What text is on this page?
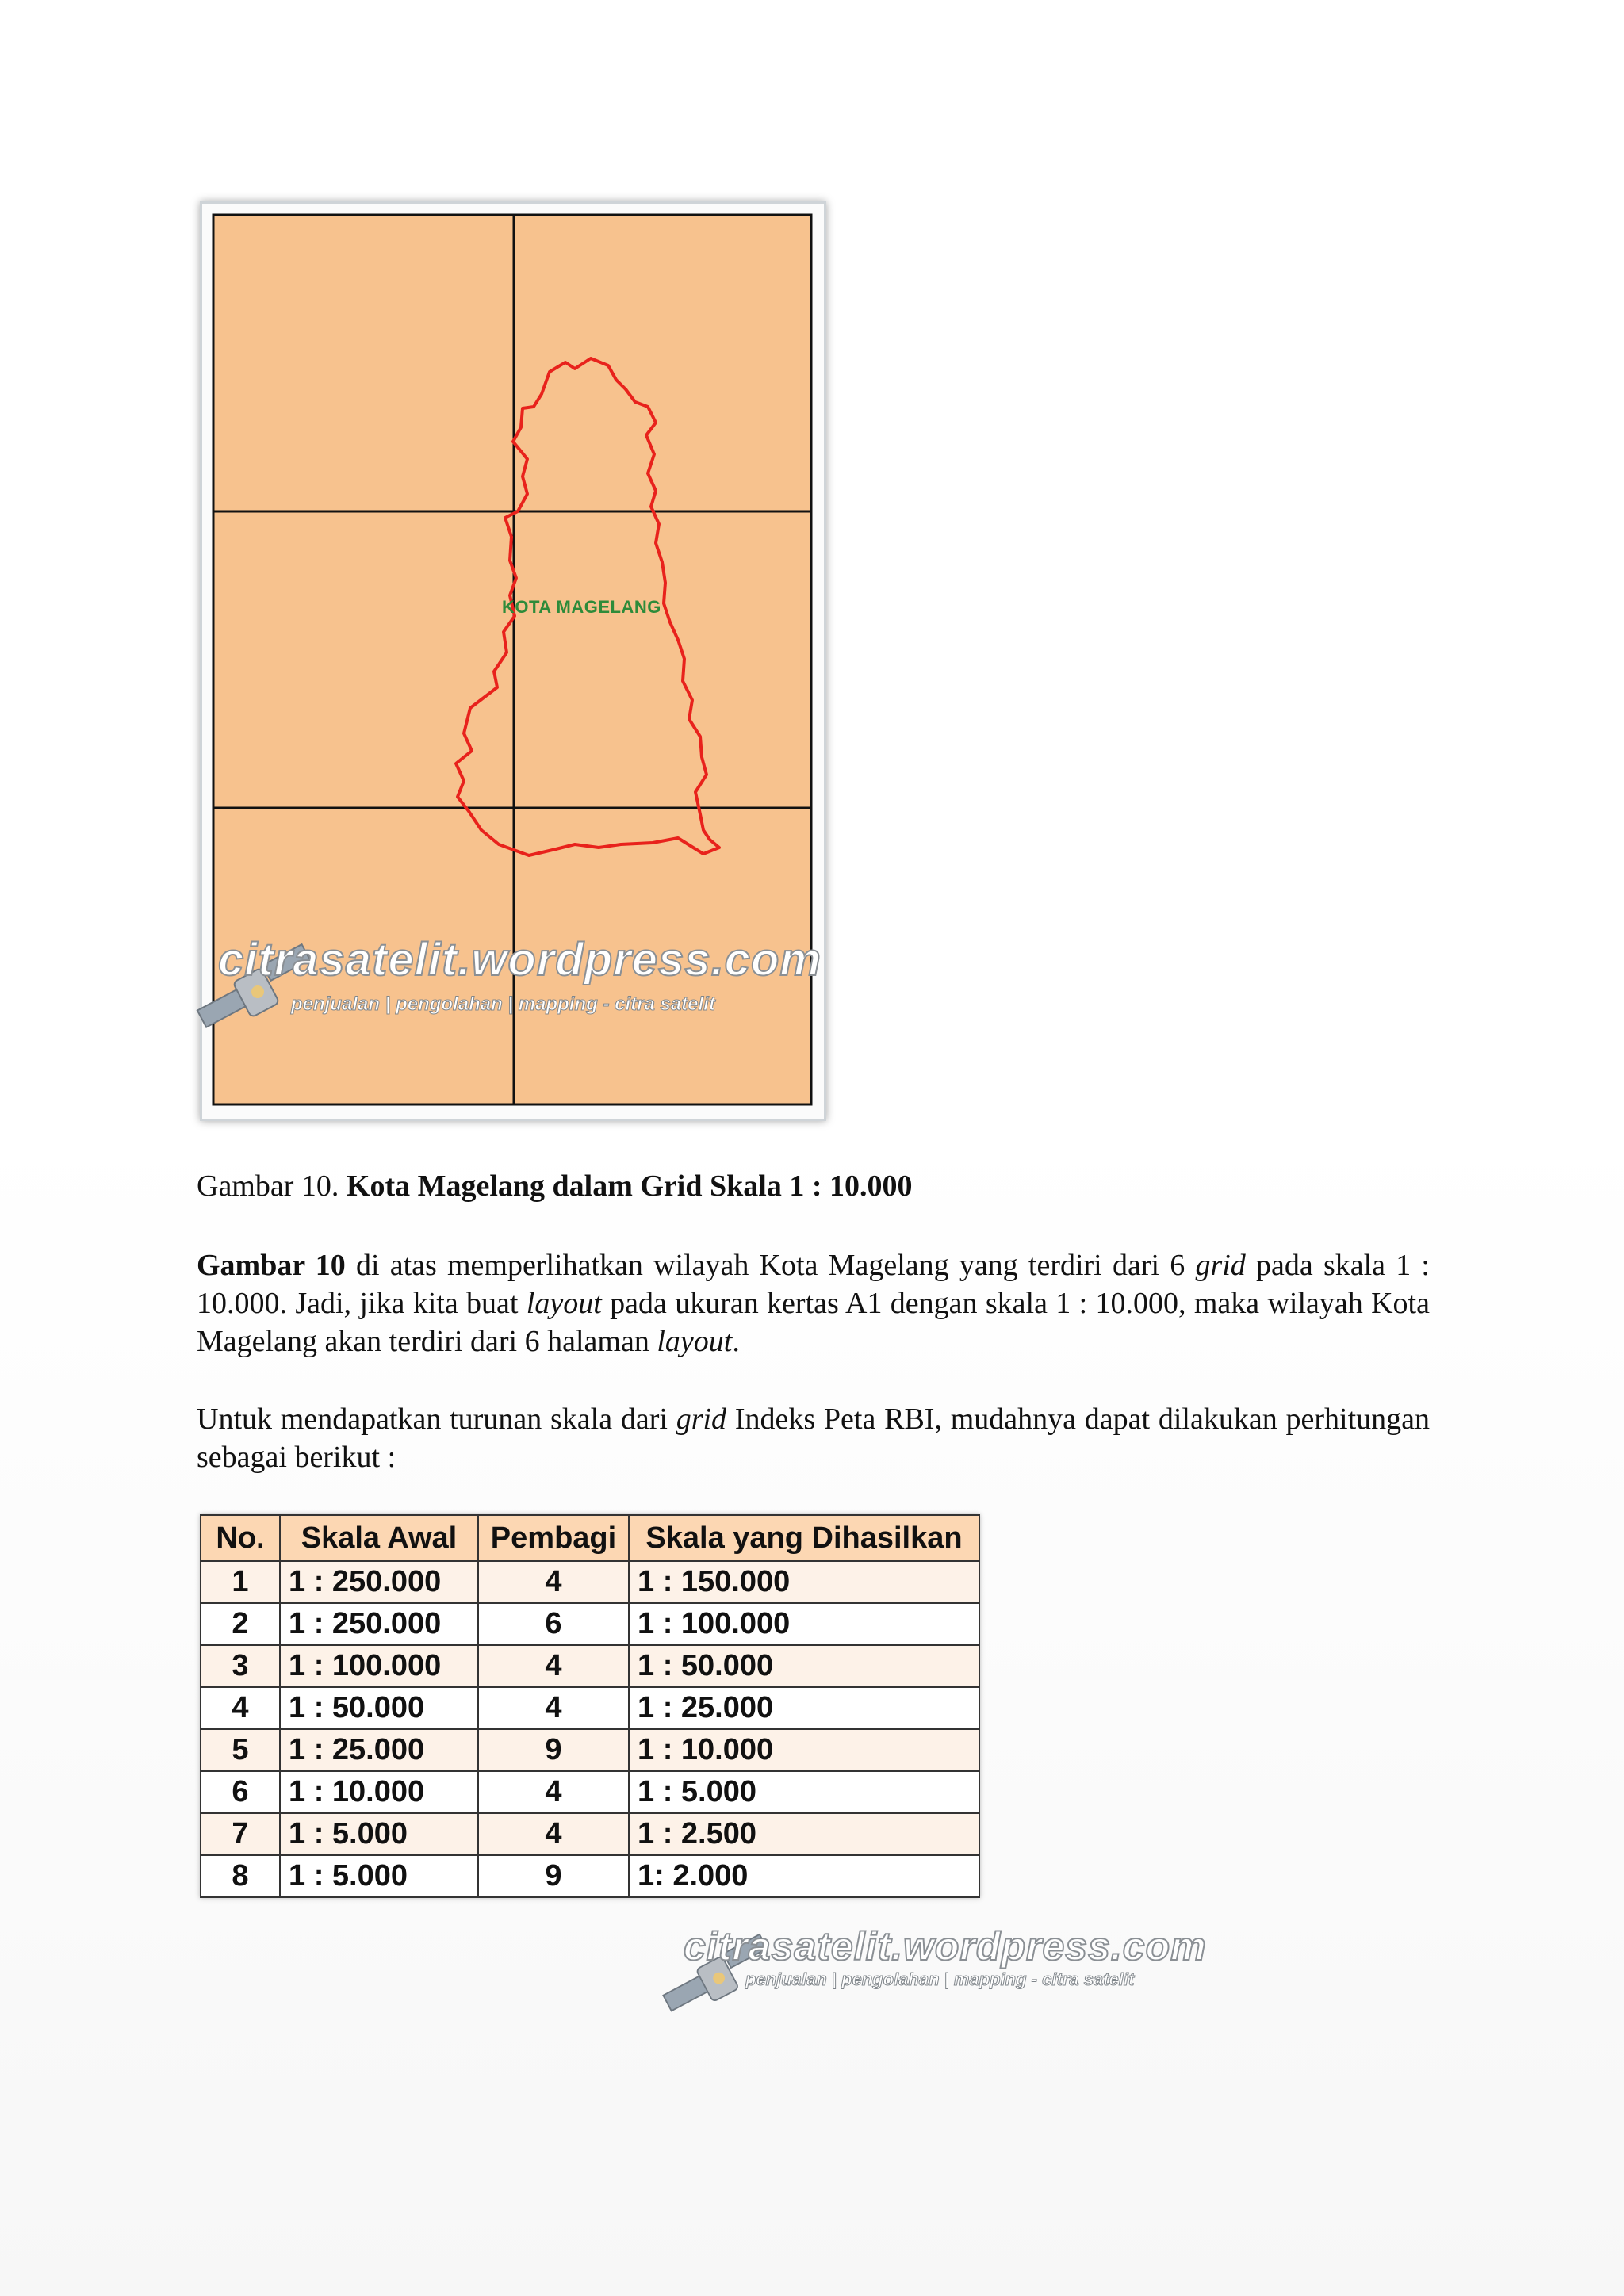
KOTA MAGELANG
citrasatelit.wordpress.com
penjualan | pengolahan | mapping - citra satelit
Gambar 10. Kota Magelang dalam Grid Skala 1 : 10.000
Gambar 10 di atas memperlihatkan wilayah Kota Magelang yang terdiri dari 6 grid pada skala 1 : 10.000. Jadi, jika kita buat layout pada ukuran kertas A1 dengan skala 1 : 10.000, maka wilayah Kota Magelang akan terdiri dari 6 halaman layout.
Untuk mendapatkan turunan skala dari grid Indeks Peta RBI, mudahnya dapat dilakukan perhitungan sebagai berikut :
No.	Skala Awal	Pembagi	Skala yang Dihasilkan
1	1 : 250.000	4	1 : 150.000
2	1 : 250.000	6	1 : 100.000
3	1 : 100.000	4	1 : 50.000
4	1 : 50.000	4	1 : 25.000
5	1 : 25.000	9	1 : 10.000
6	1 : 10.000	4	1 : 5.000
7	1 : 5.000	4	1 : 2.500
8	1 : 5.000	9	1: 2.000
citrasatelit.wordpress.com
penjualan | pengolahan | mapping - citra satelit
